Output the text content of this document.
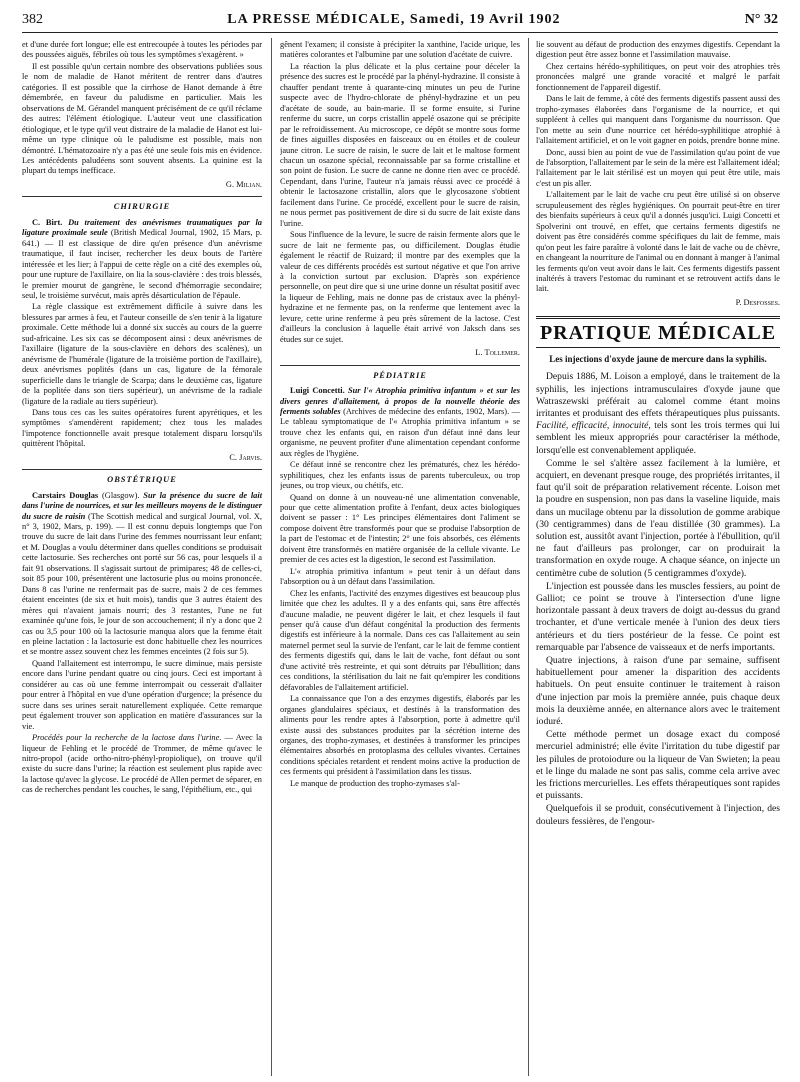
382	LA PRESSE MÉDICALE, Samedi, 19 Avril 1902	N° 32

et d'une durée fort longue; elle est entrecoupée à toutes les périodes par des poussées aiguës, fébriles où tous les symptômes s'exagèrent. »

Il est possible qu'un certain nombre des observations publiées sous le nom de maladie de Hanot méritent de rentrer dans d'autres catégories. Il est possible que la cirrhose de Hanot demande à être démembrée, en faveur du paludisme en particulier. Mais les observations de M. Gérandel manquent précisément de ce qu'il réclame des autres: l'élément étiologique. L'auteur veut une classification étiologique, et le type qu'il veut distraire de la maladie de Hanot est lui-même un type clinique où le paludisme est possible, mais non démontré. L'hématozoaire n'y a pas été une seule fois mis en évidence. Les antécédents paludéens sont souvent absents. La quinine est la plupart du temps inefficace.

G. Milian.

CHIRURGIE

C. Birt. Du traitement des anévrismes traumatiques par la ligature proximale seule (British Medical Journal, 1902, 15 Mars, p. 641.) — Il est classique de dire qu'en présence d'un anévrisme traumatique, il faut inciser, rechercher les deux bouts de l'artère intéressée et les lier; à l'appui de cette règle on a cité des exemples où, pour une rupture de l'axillaire, on lia la sous-clavière : des trois blessés, le premier mourut de gangrène, le second d'hémorragie secondaire; seul, le troisième survécut, mais après désarticulation de l'épaule.

La règle classique est extrêmement difficile à suivre dans les blessures par armes à feu, et l'auteur conseille de s'en tenir à la ligature proximale. Cette méthode lui a donné six succès au cours de la guerre sud-africaine. Les six cas se décomposent ainsi : deux anévrismes de l'axillaire (ligature de la sous-clavière en dehors des scalènes), un anévrisme de l'humérale (ligature de la troisième portion de l'axillaire), deux anévrismes poplités (dans un cas, ligature de la fémorale superficielle dans le triangle de Scarpa; dans le deuxième cas, ligature de la poplitée dans son tiers supérieur), un anévrisme de la radiale (ligature de la radiale au tiers supérieur).

Dans tous ces cas les suites opératoires furent apyrétiques, et les symptômes s'amendèrent rapidement; chez tous les malades l'impotence fonctionnelle avait presque totalement disparu lorsqu'ils quittèrent l'hôpital.

C. Jarvis.

OBSTÉTRIQUE

Carstairs Douglas (Glasgow). Sur la présence du sucre de lait dans l'urine de nourrices, et sur les meilleurs moyens de le distinguer du sucre de raisin (The Scottish medical and surgical Journal, vol. X, n° 3, 1902, Mars, p. 199). — Il est connu depuis longtemps que l'on trouve du sucre de lait dans l'urine des femmes nourrissant leur enfant; et M. Douglas a voulu déterminer dans quelles conditions se produisait cette lactosurie. Ses recherches ont porté sur 56 cas, pour lesquels il a fait 91 observations. Il s'agissait surtout de primipares; 48 de celles-ci, soit 85 pour 100, présentèrent une lactosurie plus ou moins prononcée. Dans 8 cas l'urine ne renfermait pas de sucre, mais 2 de ces femmes étaient enceintes (de six et huit mois), tandis que 3 autres étaient des mères qui n'avaient jamais nourri; des 3 restantes, l'une ne fut examinée qu'une fois, le jour de son accouchement; il n'y a donc que 2 cas ou 3,5 pour 100 où la lactosurie manqua alors que la femme était en pleine lactation : la lactosurie est donc habituelle chez les nourrices et se montre assez souvent chez les femmes enceintes (2 fois sur 5).

Quand l'allaitement est interrompu, le sucre diminue, mais persiste encore dans l'urine pendant quatre ou cinq jours. Ceci est important à considérer au cas où une femme interrompait ou cesserait d'allaiter pour entrer à l'hôpital en vue d'une opération d'urgence; la présence du sucre dans ses urines serait naturellement expliquée. Cette remarque peut également trouver son application en matière d'assurances sur la vie.

Procédés pour la recherche de la lactose dans l'urine. — Avec la liqueur de Fehling et le procédé de Trommer, de même qu'avec le nitro-propol (acide ortho-nitro-phényl-propiolique), on trouve qu'il existe du sucre dans l'urine; la réaction est seulement plus rapide avec la lactose qu'avec la glycose. Le procédé de Allen permet de séparer, en cas de recherches pendant les couches, le sang, l'épithélium, etc., qui

gênent l'examen; il consiste à précipiter la xanthine, l'acide urique, les matières colorantes et l'albumine par une solution d'acétate de cuivre.

La réaction la plus délicate et la plus certaine pour déceler la présence des sucres est le procédé par la phényl-hydrazine. Il consiste à chauffer pendant trente à quarante-cinq minutes un peu de l'urine suspecte avec de l'hydro-chlorate de phényl-hydrazine et un peu d'acétate de soude, au bain-marie. Il se forme ensuite, si l'urine renferme du sucre, un corps cristallin appelé osazone qui se précipite par le refroidissement. Au microscope, ce dépôt se montre sous forme de fines aiguilles disposées en faisceaux ou en étoiles et de couleur jaune citron. Le sucre de raisin, le sucre de lait et le maltose forment chacun un osazone spécial, reconnaissable par sa forme cristalline et son point de fusion. Le sucre de canne ne donne rien avec ce procédé. Cependant, dans l'urine, l'auteur n'a jamais réussi avec ce procédé à obtenir le lactosazone cristallin, alors que le glycosazone s'obtient facilement dans l'urine. Ce procédé, excellent pour le sucre de raisin, ne nous permet pas positivement de dire si du sucre de lait existe dans l'urine.

Sous l'influence de la levure, le sucre de raisin fermente alors que le sucre de lait ne fermente pas, ou difficilement. Douglas étudie également le réactif de Ruizard; il montre par des exemples que la valeur de ces différents procédés est surtout négative et que l'on arrive à la conviction surtout par exclusion. D'après son expérience personnelle, on peut dire que si une urine donne un résultat positif avec la liqueur de Fehling, mais ne donne pas de cristaux avec la phényl-hydrazine et ne fermente pas, on la renferme que lentement avec la levure, cette urine renferme à peu près sûrement de la lactose. C'est d'ailleurs la conclusion à laquelle était arrivé von Jaksch dans ses études sur ce sujet.

L. Tollemer.

PÉDIATRIE

Luigi Concetti. Sur l'« Atrophia primitiva infantum » et sur les divers genres d'allaitement, à propos de la nouvelle théorie des ferments solubles (Archives de médecine des enfants, 1902, Mars). — Le tableau symptomatique de l'« Atrophia primitiva infantum » se trouve chez les enfants qui, en raison d'un défaut inné dans leur organisme, ne peuvent profiter d'une alimentation cependant conforme aux règles de l'hygiène.

Ce défaut inné se rencontre chez les prématurés, chez les hérédo-syphilitiques, chez les enfants issus de parents tuberculeux, ou trop jeunes, ou trop vieux, ou chétifs, etc.

Quand on donne à un nouveau-né une alimentation convenable, pour que cette alimentation profite à l'enfant, deux actes biologiques doivent se passer : 1° Les principes élémentaires dont l'aliment se compose doivent être transformés pour que se produise l'absorption de la part de l'estomac et de l'intestin; 2° une fois absorbés, ces éléments doivent être transformés en matière organisée de la cellule vivante. Le premier de ces actes est la digestion, le second est l'assimilation.

L'« atrophia primitiva infantum » peut tenir à un défaut dans l'absorption ou à un défaut dans l'assimilation.

Chez les enfants, l'activité des enzymes digestives est beaucoup plus limitée que chez les adultes. Il y a des enfants qui, sans être affectés d'aucune maladie, ne peuvent digérer le lait, et chez lesquels il faut penser qu'à cause d'un défaut congénital la production des ferments digestifs est inférieure à la normale. Dans ces cas l'allaitement au sein maternel permet seul la survie de l'enfant, car le lait de femme contient des ferments digestifs qui, dans le lait de vache, font défaut ou sont d'une activité très restreinte, et qui sont détruits par l'ébullition; dans ces conditions, la stérilisation du lait ne fait qu'empirer les conditions défavorables de l'allaitement artificiel.

La connaissance que l'on a des enzymes digestifs, élaborés par les organes glandulaires spéciaux, et destinés à la transformation des aliments pour les rendre aptes à l'absorption, porte à admettre qu'il existe aussi des substances produites par la sécrétion interne des organes, des tropho-zymases, et destinées à transformer les principes élémentaires absorbés en protoplasma des cellules vivantes. Certaines conditions spéciales retardent et rendent moins active la production de ces ferments qui président à l'assimilation dans les tissus.

Le manque de production des tropho-zymases s'al-

lie souvent au défaut de production des enzymes digestifs. Cependant la digestion peut être assez bonne et l'assimilation mauvaise.

Chez certains hérédo-syphilitiques, on peut voir des atrophies très prononcées malgré une grande voracité et malgré le parfait fonctionnement de l'appareil digestif.

Dans le lait de femme, à côté des ferments digestifs passent aussi des tropho-zymases élaborées dans l'organisme de la nourrice, et qui suppléent à celles qui manquent dans l'organisme du nourrisson. Que l'on mette au sein d'une nourrice cet hérédo-syphilitique atrophié à l'allaitement artificiel, et on le voit gagner en poids, prendre bonne mine.

Donc, aussi bien au point de vue de l'assimilation qu'au point de vue de l'absorption, l'allaitement par le sein de la mère est l'allaitement idéal; l'allaitement par le lait stérilisé est un moyen qui peut être utile, mais c'est un pis aller.

L'allaitement par le lait de vache cru peut être utilisé si on observe scrupuleusement des règles hygiéniques. On pourrait peut-être en tirer des bienfaits supérieurs à ceux qu'il a donnés jusqu'ici. Luigi Concetti et Spolverini ont trouvé, en effet, que certains ferments digestifs ne doivent pas être considérés comme spécifiques du lait de femme, mais qu'on peut les faire paraître à volonté dans le lait de vache ou de chèvre, en changeant la nourriture de l'animal ou en donnant à manger à l'animal les ferments qu'on veut avoir dans le lait. Ces ferments digestifs passent inaltérés à travers l'estomac du ruminant et se retrouvent actifs dans le lait.

P. Desfosses.

PRATIQUE MÉDICALE
Les injections d'oxyde jaune de mercure dans la syphilis.

Depuis 1886, M. Loison a employé, dans le traitement de la syphilis, les injections intramusculaires d'oxyde jaune que Watraszewski préférait au calomel comme étant moins irritantes et produisant des effets thérapeutiques plus puissants. Facilité, efficacité, innocuité, tels sont les trois termes qui lui semblent les mieux appropriés pour caractériser la méthode, lorsqu'elle est convenablement appliquée.

Comme le sel s'altère assez facilement à la lumière, et acquiert, en devenant presque rouge, des propriétés irritantes, il faut qu'il soit de préparation relativement récente. Loison met la poudre en suspension, non pas dans la vaseline liquide, mais dans un mucilage obtenu par la dissolution de gomme arabique (30 centigrammes) dans de l'eau distillée (30 grammes). La solution est, aussitôt avant l'injection, portée à l'ébullition, qu'il ne faut d'ailleurs pas prolonger, car on produirait la transformation en oxyde rouge. A chaque séance, on injecte un centimètre cube de solution (5 centigrammes d'oxyde).

L'injection est poussée dans les muscles fessiers, au point de Galliot; ce point se trouve à l'intersection d'une ligne horizontale passant à deux travers de doigt au-dessus du grand trochanter, et d'une verticale menée à l'union des deux tiers antérieurs et du tiers postérieur de la fesse. Ce point est remarquable par l'absence de vaisseaux et de nerfs importants.

Quatre injections, à raison d'une par semaine, suffisent habituellement pour amener la disparition des accidents habituels. On peut ensuite continuer le traitement à raison d'une injection par mois la première année, puis chaque deux mois la deuxième année, en alternance alors avec le traitement ioduré.

Cette méthode permet un dosage exact du composé mercuriel administré; elle évite l'irritation du tube digestif par les pilules de protoiodure ou la liqueur de Van Swieten; la peau et le linge du malade ne sont pas salis, comme cela arrive avec les frictions mercurielles. Les effets thérapeutiques sont rapides et puissants.

Quelquefois il se produit, consécutivement à l'injection, des douleurs fessières, de l'engour-
